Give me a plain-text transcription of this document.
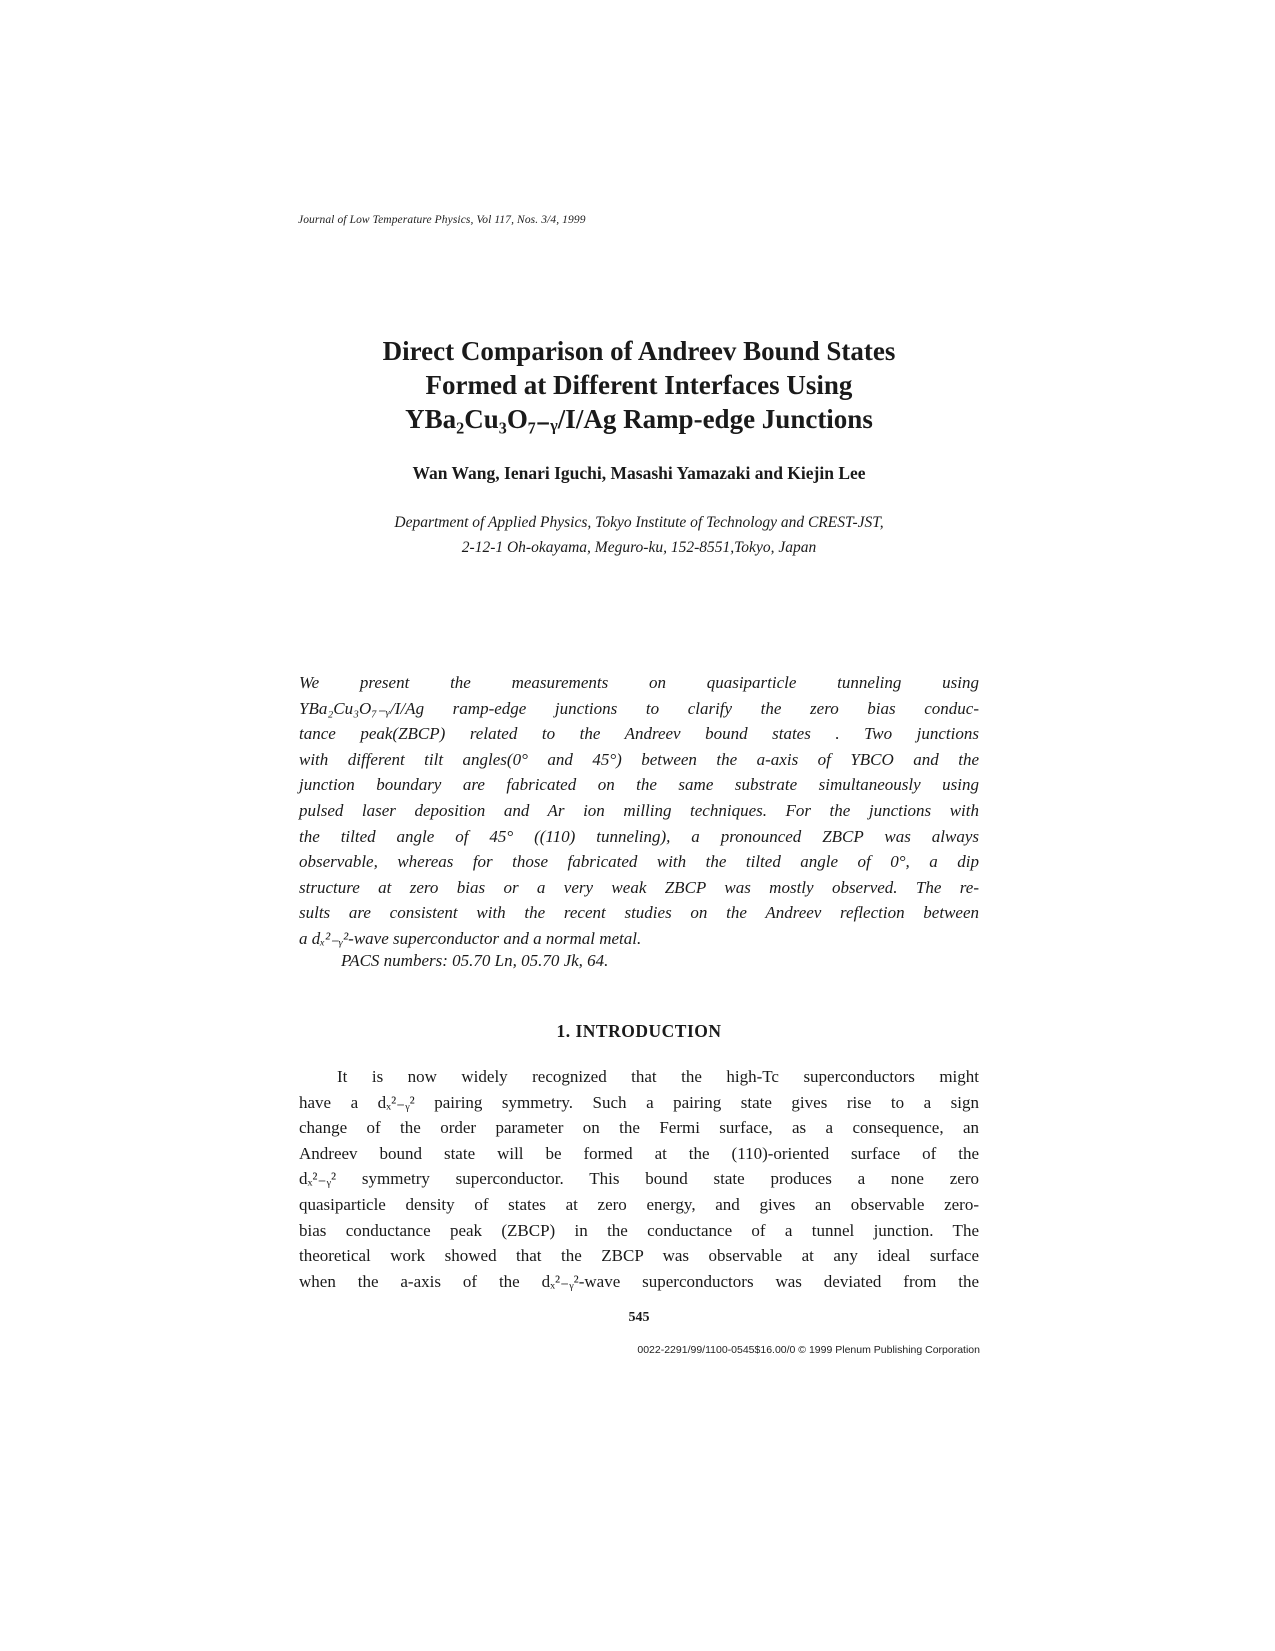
Journal of Low Temperature Physics, Vol 117, Nos. 3/4, 1999
Direct Comparison of Andreev Bound States
Formed at Different Interfaces Using
YBa₂Cu₃O₇₋ᵧ/I/Ag Ramp-edge Junctions
Wan Wang, Ienari Iguchi, Masashi Yamazaki and Kiejin Lee
Department of Applied Physics, Tokyo Institute of Technology and CREST-JST,
2-12-1 Oh-okayama, Meguro-ku, 152-8551,Tokyo, Japan
We present the measurements on quasiparticle tunneling using
YBa₂Cu₃O₇₋ᵧ/I/Ag ramp-edge junctions to clarify the zero bias conduc-
tance peak(ZBCP) related to the Andreev bound states . Two junctions
with different tilt angles(0° and 45°) between the a-axis of YBCO and the
junction boundary are fabricated on the same substrate simultaneously using
pulsed laser deposition and Ar ion milling techniques. For the junctions with
the tilted angle of 45° ((110) tunneling), a pronounced ZBCP was always
observable, whereas for those fabricated with the tilted angle of 0°, a dip
structure at zero bias or a very weak ZBCP was mostly observed. The re-
sults are consistent with the recent studies on the Andreev reflection between
a dₓ²₋ᵧ²-wave superconductor and a normal metal.
PACS numbers: 05.70 Ln, 05.70 Jk, 64.
1. INTRODUCTION
It is now widely recognized that the high-Tc superconductors might
have a dₓ²₋ᵧ² pairing symmetry. Such a pairing state gives rise to a sign
change of the order parameter on the Fermi surface, as a consequence, an
Andreev bound state will be formed at the (110)-oriented surface of the
dₓ²₋ᵧ² symmetry superconductor. This bound state produces a none zero
quasiparticle density of states at zero energy, and gives an observable zero-
bias conductance peak (ZBCP) in the conductance of a tunnel junction. The
theoretical work showed that the ZBCP was observable at any ideal surface
when the a-axis of the dₓ²₋ᵧ²-wave superconductors was deviated from the
545
0022-2291/99/1100-0545$16.00/0 © 1999 Plenum Publishing Corporation
